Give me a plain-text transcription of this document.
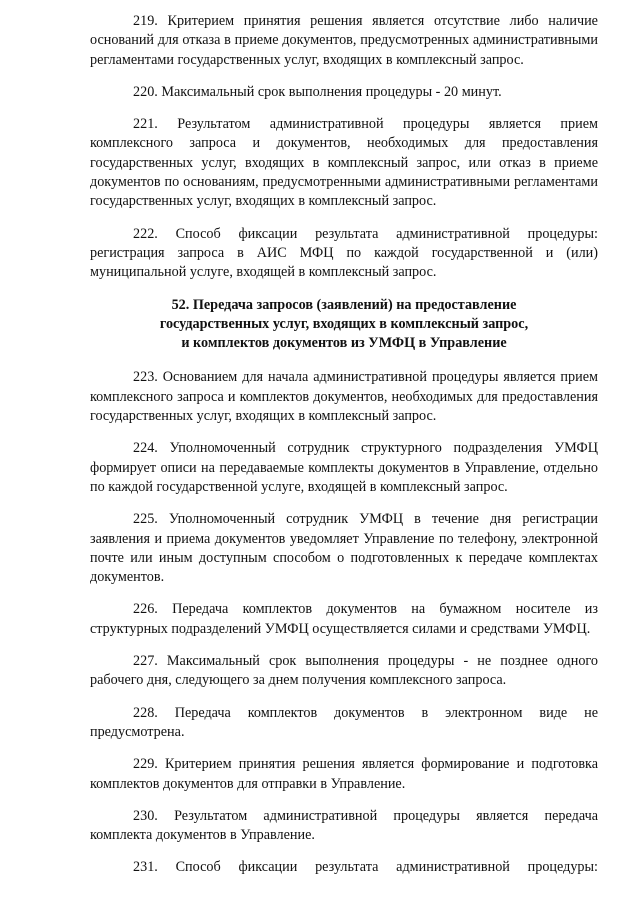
219. Критерием принятия решения является отсутствие либо наличие оснований для отказа в приеме документов, предусмотренных административными регламентами государственных услуг, входящих в комплексный запрос.

220. Максимальный срок выполнения процедуры - 20 минут.

221. Результатом административной процедуры является прием комплексного запроса и документов, необходимых для предоставления государственных услуг, входящих в комплексный запрос, или отказ в приеме документов по основаниям, предусмотренными административными регламентами государственных услуг, входящих в комплексный запрос.

222. Способ фиксации результата административной процедуры: регистрация запроса в АИС МФЦ по каждой государственной и (или) муниципальной услуге, входящей в комплексный запрос.

52. Передача запросов (заявлений) на предоставление
государственных услуг, входящих в комплексный запрос,
и комплектов документов из УМФЦ в Управление

223. Основанием для начала административной процедуры является прием комплексного запроса и комплектов документов, необходимых для предоставления государственных услуг, входящих в комплексный запрос.

224. Уполномоченный сотрудник структурного подразделения УМФЦ формирует описи на передаваемые комплекты документов в Управление, отдельно по каждой государственной услуге, входящей в комплексный запрос.

225. Уполномоченный сотрудник УМФЦ в течение дня регистрации заявления и приема документов уведомляет Управление по телефону, электронной почте или иным доступным способом о подготовленных к передаче комплектах документов.

226. Передача комплектов документов на бумажном носителе из структурных подразделений УМФЦ осуществляется силами и средствами УМФЦ.

227. Максимальный срок выполнения процедуры - не позднее одного рабочего дня, следующего за днем получения комплексного запроса.

228. Передача комплектов документов в электронном виде не предусмотрена.

229. Критерием принятия решения является формирование и подготовка комплектов документов для отправки в Управление.

230. Результатом административной процедуры является передача комплекта документов в Управление.

231. Способ фиксации результата административной процедуры:
